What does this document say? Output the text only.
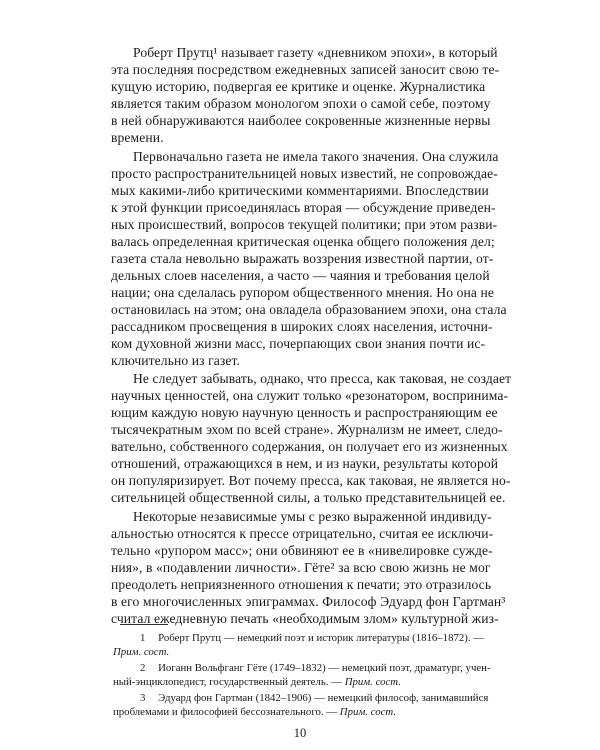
Роберт Прутц¹ называет газету «дневником эпохи», в который
эта последняя посредством ежедневных записей заносит свою те-
кущую историю, подвергая ее критике и оценке. Журналистика
является таким образом монологом эпохи о самой себе, поэтому
в ней обнаруживаются наиболее сокровенные жизненные нервы
времени.
Первоначально газета не имела такого значения. Она служила
просто распространительницей новых известий, не сопровождае-
мых какими-либо критическими комментариями. Впоследствии
к этой функции присоединялась вторая — обсуждение приведен-
ных происшествий, вопросов текущей политики; при этом разви-
валась определенная критическая оценка общего положения дел;
газета стала невольно выражать воззрения известной партии, от-
дельных слоев населения, а часто — чаяния и требования целой
нации; она сделалась рупором общественного мнения. Но она не
остановилась на этом; она овладела образованием эпохи, она стала
рассадником просвещения в широких слоях населения, источни-
ком духовной жизни масс, почерпающих свои знания почти ис-
ключительно из газет.
Не следует забывать, однако, что пресса, как таковая, не создает
научных ценностей, она служит только «резонатором, воспринима-
ющим каждую новую научную ценность и распространяющим ее
тысячекратным эхом по всей стране». Журнализм не имеет, следо-
вательно, собственного содержания, он получает его из жизненных
отношений, отражающихся в нем, и из науки, результаты которой
он популяризирует. Вот почему пресса, как таковая, не является но-
сительницей общественной силы, а только представительницей ее.
Некоторые независимые умы с резко выраженной индивиду-
альностью относятся к прессе отрицательно, считая ее исключи-
тельно «рупором масс»; они обвиняют ее в «нивелировке сужде-
ния», в «подавлении личности». Гёте² за всю свою жизнь не мог
преодолеть неприязненного отношения к печати; это отразилось
в его многочисленных эпиграммах. Философ Эдуард фон Гартман³
считал ежедневную печать «необходимым злом» культурной жиз-
1 Роберт Прутц — немецкий поэт и историк литературы (1816–1872). —
Прим. сост.
2 Иоганн Вольфганг Гёте (1749–1832) — немецкий поэт, драматург, учен-
ный-энциклопедист, государственный деятель. — Прим. сост.
3 Эдуард фон Гартман (1842–1906) — немецкий философ, занимавшийся
проблемами и философией бессознательного. — Прим. сост.
10
